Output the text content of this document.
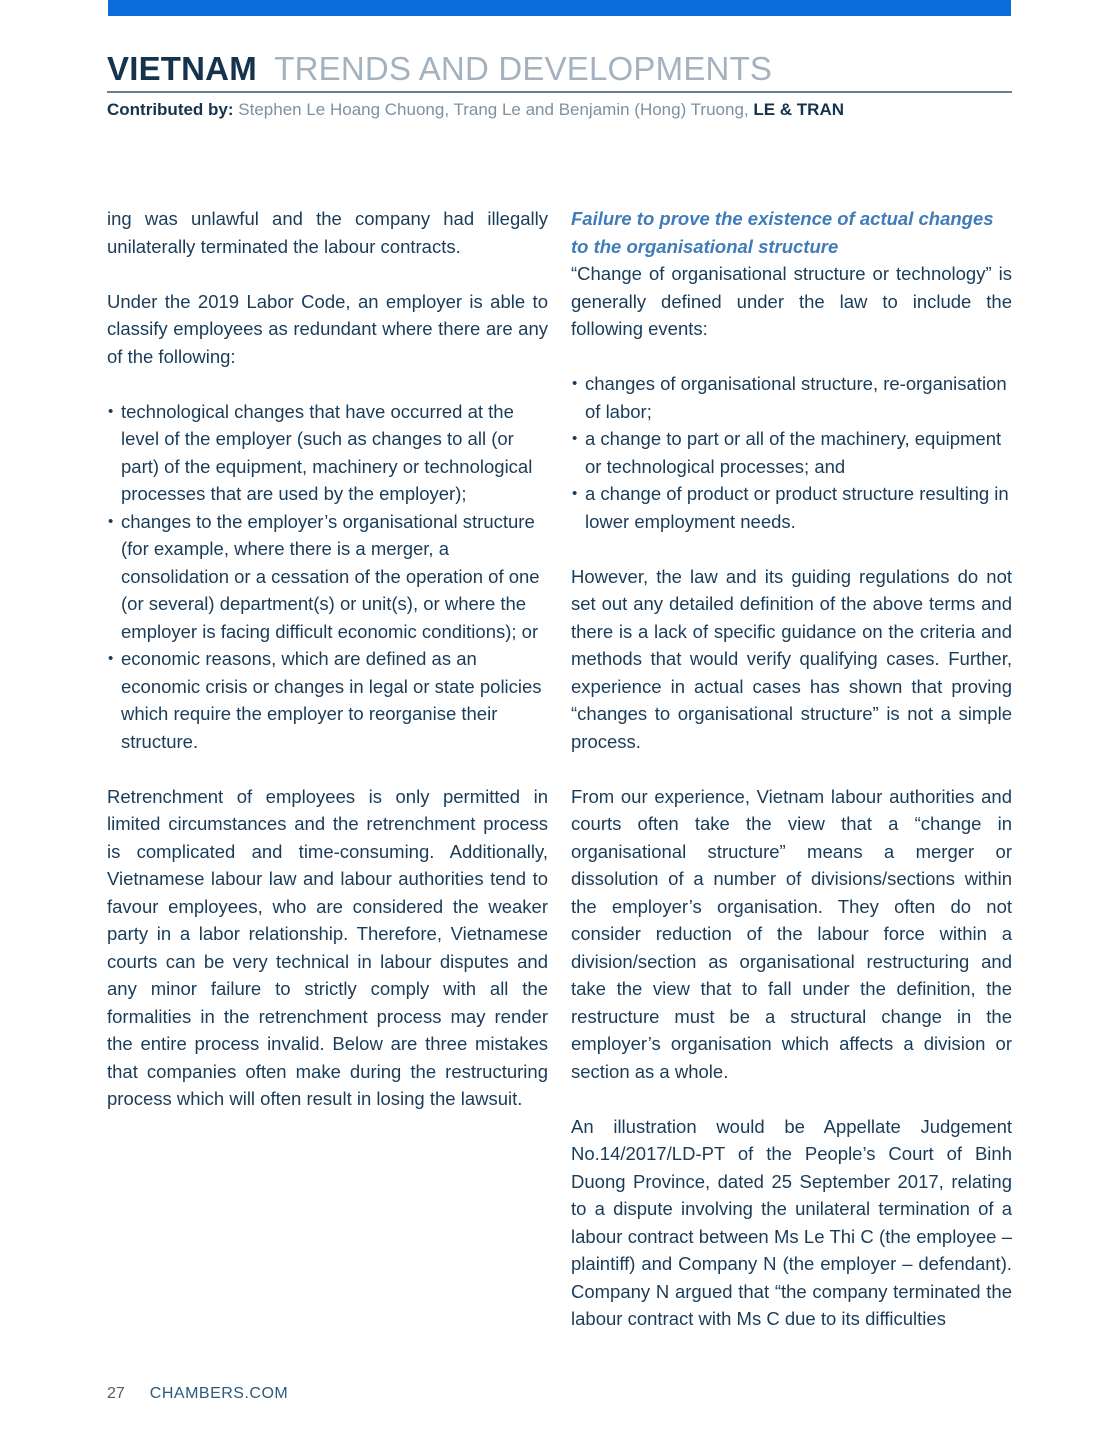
VIETNAM TRENDS AND DEVELOPMENTS

Contributed by: Stephen Le Hoang Chuong, Trang Le and Benjamin (Hong) Truong, LE & TRAN

ing was unlawful and the company had illegally unilaterally terminated the labour contracts.

Under the 2019 Labor Code, an employer is able to classify employees as redundant where there are any of the following:

• technological changes that have occurred at the level of the employer (such as changes to all (or part) of the equipment, machinery or technological processes that are used by the employer);
• changes to the employer’s organisational structure (for example, where there is a merger, a consolidation or a cessation of the operation of one (or several) department(s) or unit(s), or where the employer is facing difficult economic conditions); or
• economic reasons, which are defined as an economic crisis or changes in legal or state policies which require the employer to reorganise their structure.

Retrenchment of employees is only permitted in limited circumstances and the retrenchment process is complicated and time-consuming. Additionally, Vietnamese labour law and labour authorities tend to favour employees, who are considered the weaker party in a labor relationship. Therefore, Vietnamese courts can be very technical in labour disputes and any minor failure to strictly comply with all the formalities in the retrenchment process may render the entire process invalid. Below are three mistakes that companies often make during the restructuring process which will often result in losing the lawsuit.

Failure to prove the existence of actual changes to the organisational structure

“Change of organisational structure or technology” is generally defined under the law to include the following events:

• changes of organisational structure, re-organisation of labor;
• a change to part or all of the machinery, equipment or technological processes; and
• a change of product or product structure resulting in lower employment needs.

However, the law and its guiding regulations do not set out any detailed definition of the above terms and there is a lack of specific guidance on the criteria and methods that would verify qualifying cases. Further, experience in actual cases has shown that proving “changes to organisational structure” is not a simple process.

From our experience, Vietnam labour authorities and courts often take the view that a “change in organisational structure” means a merger or dissolution of a number of divisions/sections within the employer’s organisation. They often do not consider reduction of the labour force within a division/section as organisational restructuring and take the view that to fall under the definition, the restructure must be a structural change in the employer’s organisation which affects a division or section as a whole.

An illustration would be Appellate Judgement No.14/2017/LD-PT of the People’s Court of Binh Duong Province, dated 25 September 2017, relating to a dispute involving the unilateral termination of a labour contract between Ms Le Thi C (the employee – plaintiff) and Company N (the employer – defendant). Company N argued that “the company terminated the labour contract with Ms C due to its difficulties

27 CHAMBERS.COM
